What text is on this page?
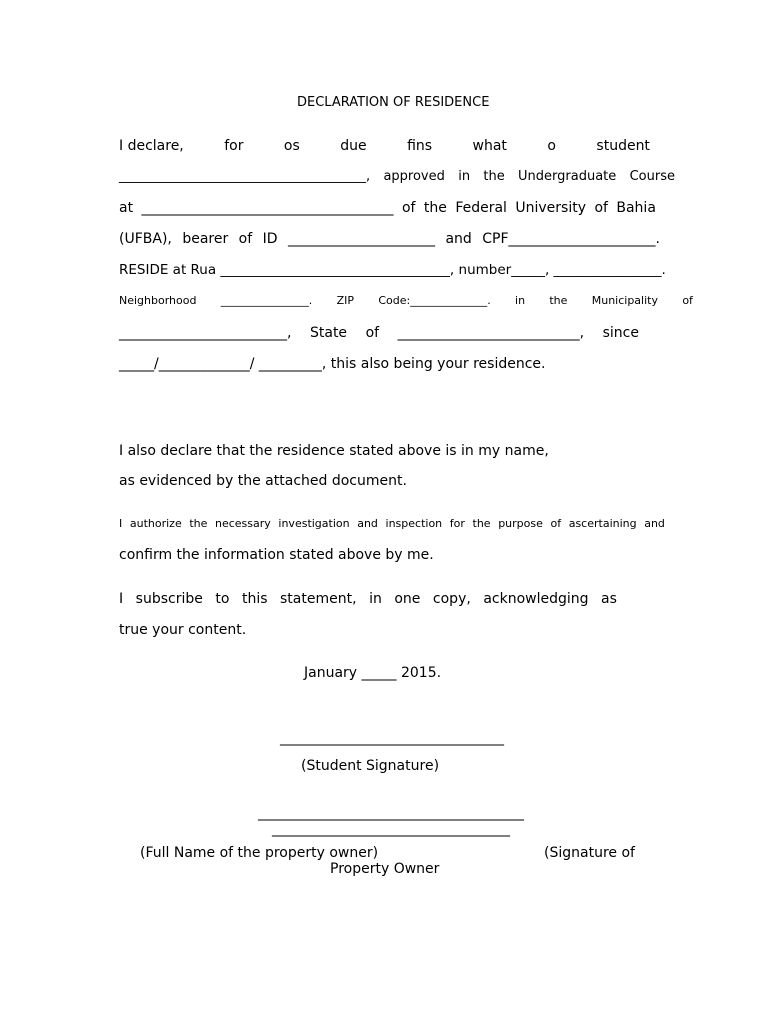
DECLARATION OF RESIDENCE
I declare,	for	os	due	fins	what	o	student
______________________________________, approved in the Undergraduate Course
at ____________________________________ of the Federal University of Bahia
(UFBA), bearer of ID _____________________ and CPF_____________________.
RESIDE at Rua __________________________________, number_____, ________________.
Neighborhood ________________. ZIP Code:______________. in the Municipality of
________________________, State of __________________________, since
_____/_____________/ _________, this also being your residence.
I also declare that the residence stated above is in my name,
as evidenced by the attached document.
I authorize the necessary investigation and inspection for the purpose of ascertaining and
confirm the information stated above by me.
I subscribe to this statement, in one copy, acknowledging as
true your content.
January _____ 2015.
________________________________
(Student Signature)
______________________________________
__________________________________
(Full Name of the property owner)	(Signature of
Property Owner
